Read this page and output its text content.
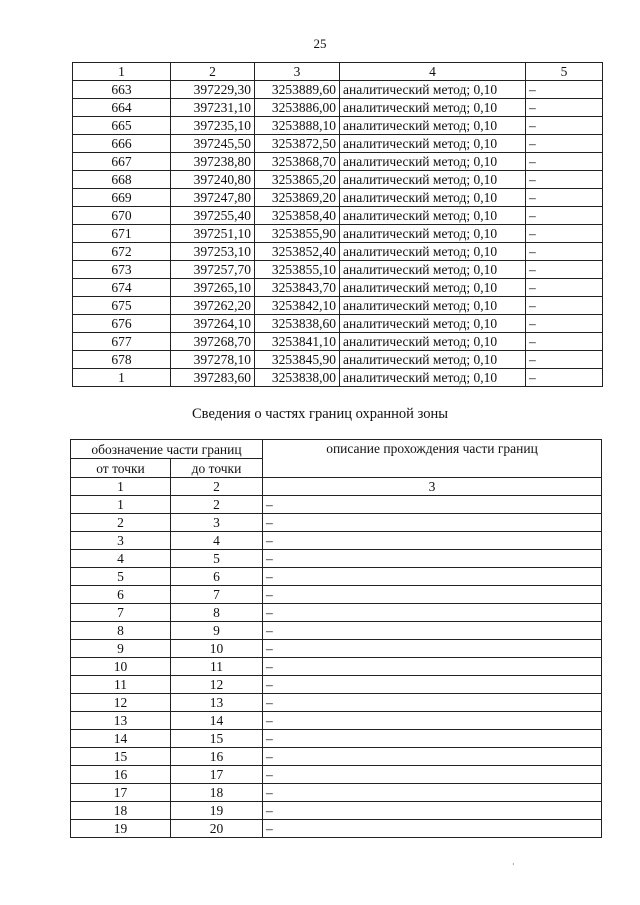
25
1	2	3	4	5
663	397229,30	3253889,60	аналитический метод; 0,10	–
664	397231,10	3253886,00	аналитический метод; 0,10	–
665	397235,10	3253888,10	аналитический метод; 0,10	–
666	397245,50	3253872,50	аналитический метод; 0,10	–
667	397238,80	3253868,70	аналитический метод; 0,10	–
668	397240,80	3253865,20	аналитический метод; 0,10	–
669	397247,80	3253869,20	аналитический метод; 0,10	–
670	397255,40	3253858,40	аналитический метод; 0,10	–
671	397251,10	3253855,90	аналитический метод; 0,10	–
672	397253,10	3253852,40	аналитический метод; 0,10	–
673	397257,70	3253855,10	аналитический метод; 0,10	–
674	397265,10	3253843,70	аналитический метод; 0,10	–
675	397262,20	3253842,10	аналитический метод; 0,10	–
676	397264,10	3253838,60	аналитический метод; 0,10	–
677	397268,70	3253841,10	аналитический метод; 0,10	–
678	397278,10	3253845,90	аналитический метод; 0,10	–
1	397283,60	3253838,00	аналитический метод; 0,10	–
Сведения о частях границ охранной зоны
обозначение части границ		описание прохождения части границ
от точки	до точки	
1	2	3
1	2	–
2	3	–
3	4	–
4	5	–
5	6	–
6	7	–
7	8	–
8	9	–
9	10	–
10	11	–
11	12	–
12	13	–
13	14	–
14	15	–
15	16	–
16	17	–
17	18	–
18	19	–
19	20	–
·
